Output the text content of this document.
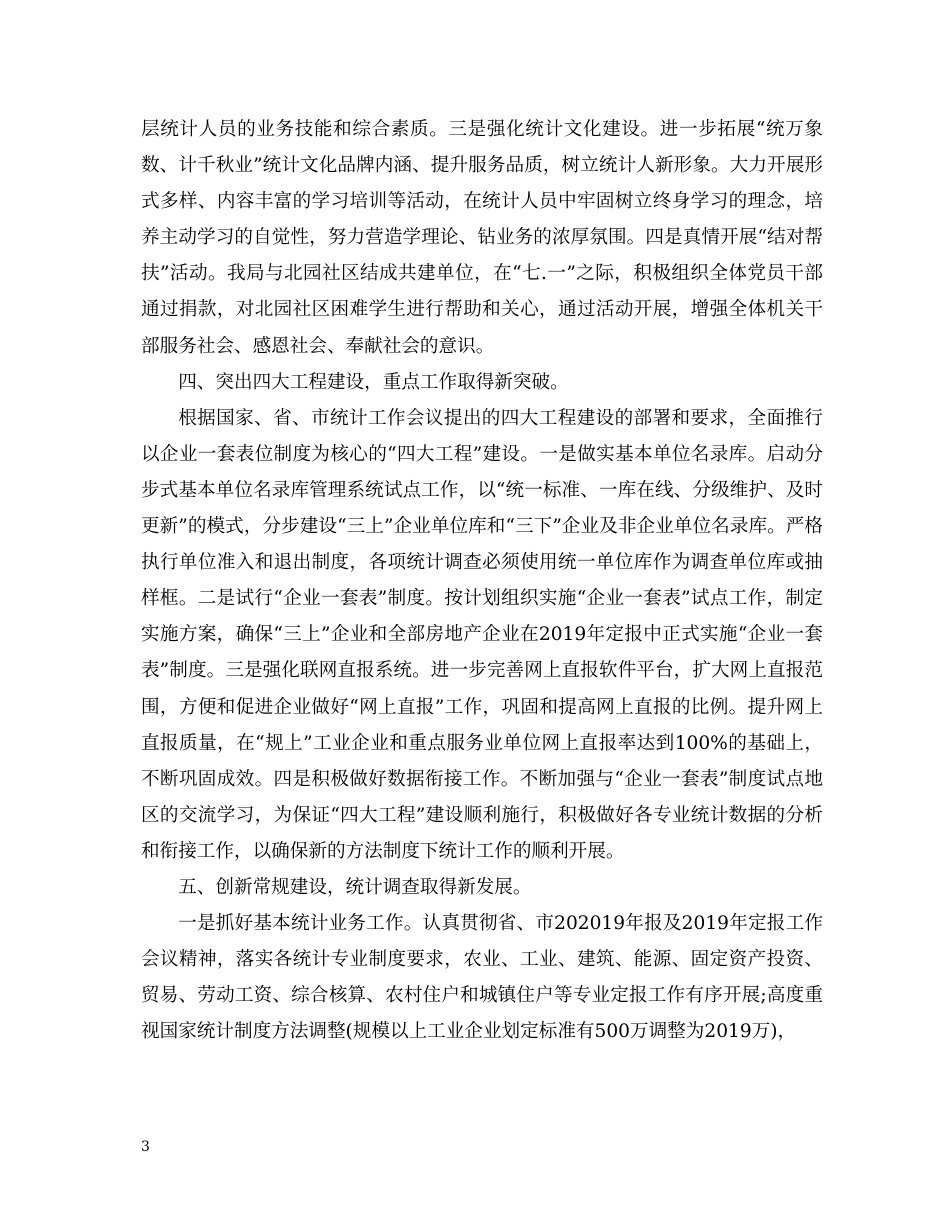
层统计人员的业务技能和综合素质。三是强化统计文化建设。进一步拓展“统万象数、计千秋业”统计文化品牌内涵、提升服务品质，树立统计人新形象。大力开展形式多样、内容丰富的学习培训等活动，在统计人员中牢固树立终身学习的理念，培养主动学习的自觉性，努力营造学理论、钻业务的浓厚氛围。四是真情开展“结对帮扶”活动。我局与北园社区结成共建单位，在“七.一”之际，积极组织全体党员干部通过捐款，对北园社区困难学生进行帮助和关心，通过活动开展，增强全体机关干部服务社会、感恩社会、奉献社会的意识。

四、突出四大工程建设，重点工作取得新突破。

根据国家、省、市统计工作会议提出的四大工程建设的部署和要求，全面推行以企业一套表位制度为核心的“四大工程”建设。一是做实基本单位名录库。启动分步式基本单位名录库管理系统试点工作，以“统一标准、一库在线、分级维护、及时更新”的模式，分步建设“三上”企业单位库和“三下”企业及非企业单位名录库。严格执行单位准入和退出制度，各项统计调查必须使用统一单位库作为调查单位库或抽样框。二是试行“企业一套表”制度。按计划组织实施“企业一套表”试点工作，制定实施方案，确保“三上”企业和全部房地产企业在2019年定报中正式实施“企业一套表”制度。三是强化联网直报系统。进一步完善网上直报软件平台，扩大网上直报范围，方便和促进企业做好“网上直报”工作，巩固和提高网上直报的比例。提升网上直报质量，在“规上”工业企业和重点服务业单位网上直报率达到100%的基础上，不断巩固成效。四是积极做好数据衔接工作。不断加强与“企业一套表”制度试点地区的交流学习，为保证“四大工程”建设顺利施行，积极做好各专业统计数据的分析和衔接工作，以确保新的方法制度下统计工作的顺利开展。

五、创新常规建设，统计调查取得新发展。

一是抓好基本统计业务工作。认真贯彻省、市202019年报及2019年定报工作会议精神，落实各统计专业制度要求，农业、工业、建筑、能源、固定资产投资、贸易、劳动工资、综合核算、农村住户和城镇住户等专业定报工作有序开展;高度重视国家统计制度方法调整(规模以上工业企业划定标准有500万调整为2019万)，

3
